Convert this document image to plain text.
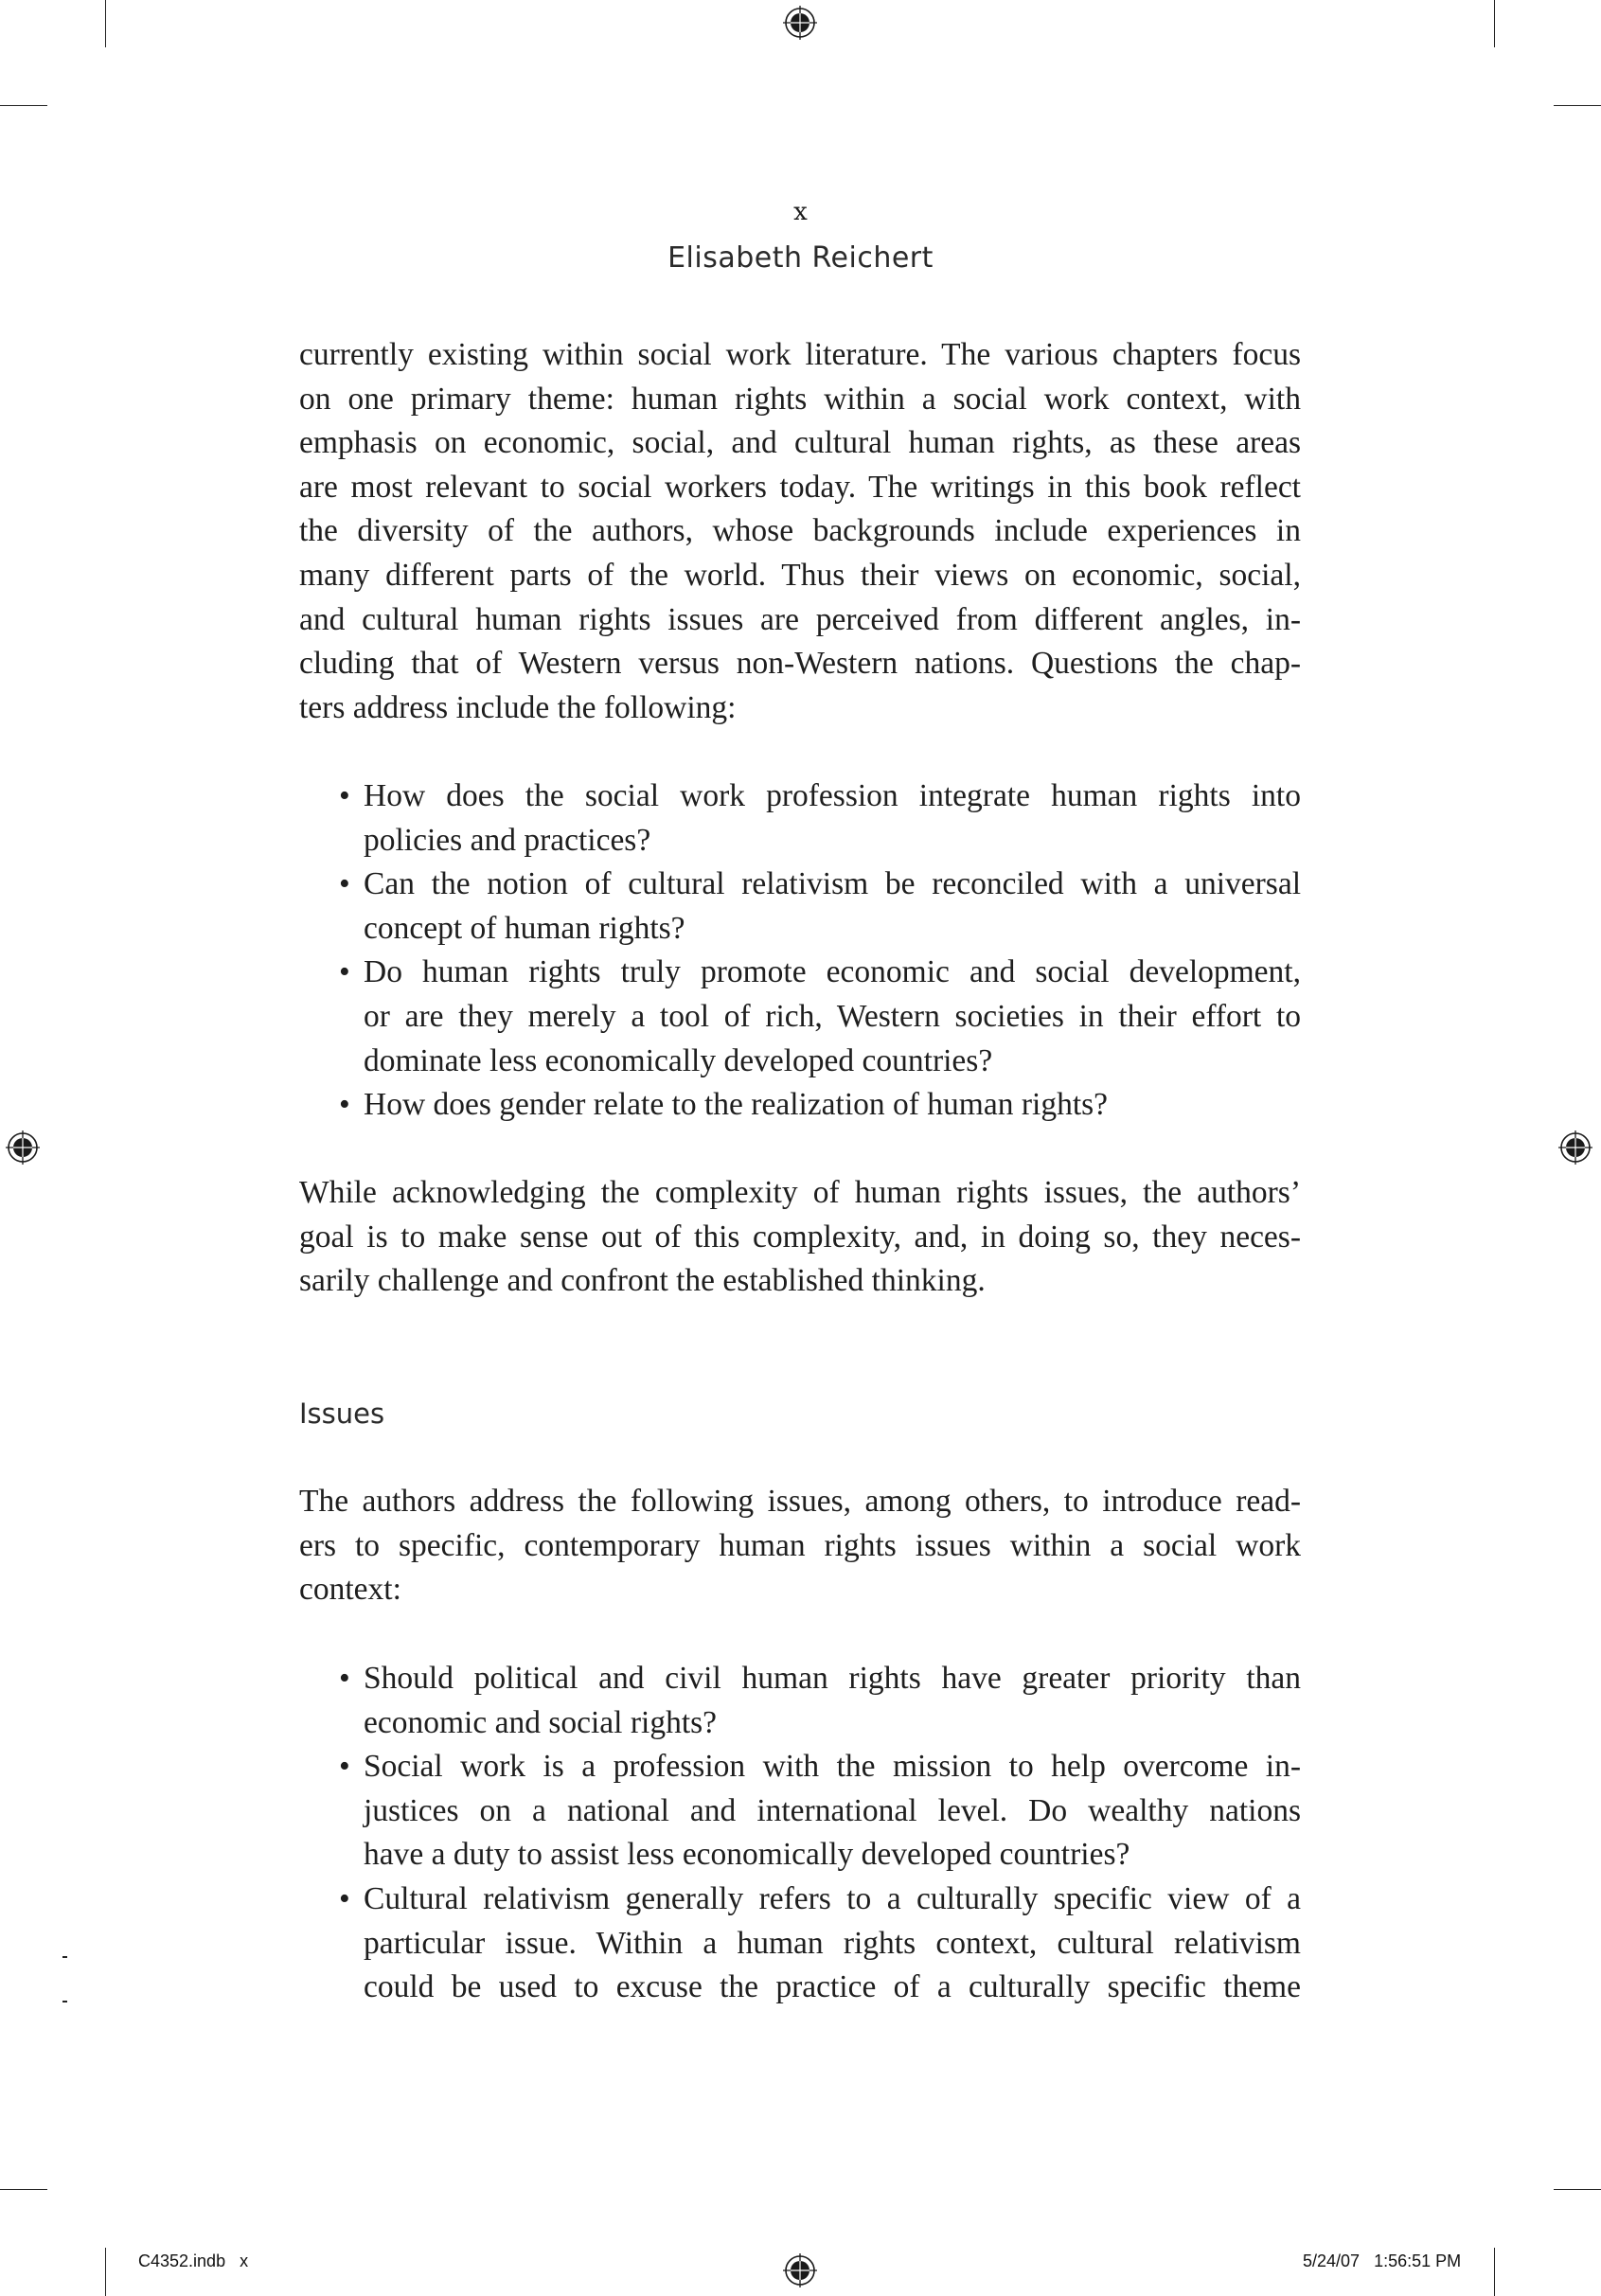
x
Elisabeth Reichert
currently existing within social work literature. The various chapters focus
on one primary theme: human rights within a social work context, with
emphasis on economic, social, and cultural human rights, as these areas
are most relevant to social workers today. The writings in this book reflect
the diversity of the authors, whose backgrounds include experiences in
many different parts of the world. Thus their views on economic, social,
and cultural human rights issues are perceived from different angles, in-
cluding that of Western versus non-Western nations. Questions the chap-
ters address include the following:
• How does the social work profession integrate human rights into
policies and practices?
• Can the notion of cultural relativism be reconciled with a universal
concept of human rights?
• Do human rights truly promote economic and social development,
or are they merely a tool of rich, Western societies in their effort to
dominate less economically developed countries?
• How does gender relate to the realization of human rights?
While acknowledging the complexity of human rights issues, the authors’
goal is to make sense out of this complexity, and, in doing so, they neces-
sarily challenge and confront the established thinking.
Issues
The authors address the following issues, among others, to introduce read-
ers to specific, contemporary human rights issues within a social work
context:
• Should political and civil human rights have greater priority than
economic and social rights?
• Social work is a profession with the mission to help overcome in-
justices on a national and international level. Do wealthy nations
have a duty to assist less economically developed countries?
• Cultural relativism generally refers to a culturally specific view of a
particular issue. Within a human rights context, cultural relativism
could be used to excuse the practice of a culturally specific theme
C4352.indb x	5/24/07 1:56:51 PM
